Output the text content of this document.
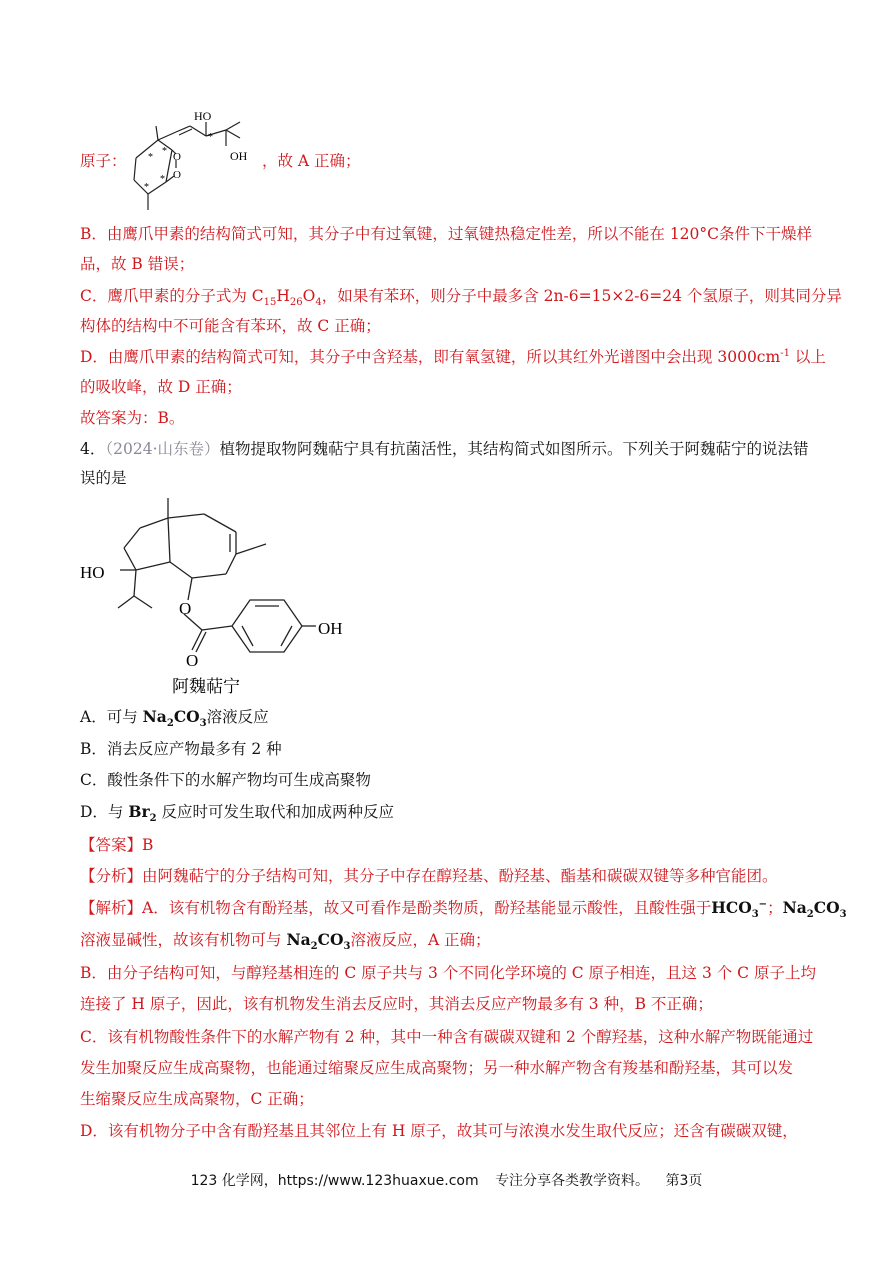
原子：
HO
OH
O
O
*
*
*
*
*
，故 A 正确；
B．由鹰爪甲素的结构简式可知，其分子中有过氧键，过氧键热稳定性差，所以不能在 120°C条件下干燥样
品，故 B 错误；
C．鹰爪甲素的分子式为 $C_{15}H_{26}O_4$，如果有苯环，则分子中最多含 2n-6=15×2-6=24 个氢原子，则其同分异
构体的结构中不可能含有苯环，故 C 正确；
D．由鹰爪甲素的结构简式可知，其分子中含羟基，即有氧氢键，所以其红外光谱图中会出现 $3000cm^{-1}$ 以上
的吸收峰，故 D 正确；
故答案为：B。
4．（2024·山东卷）植物提取物阿魏萜宁具有抗菌活性，其结构简式如图所示。下列关于阿魏萜宁的说法错
误的是
HO
OH
O
O
阿魏萜宁
A．可与 $Na_2CO_3$溶液反应
B．消去反应产物最多有 2 种
C．酸性条件下的水解产物均可生成高聚物
D．与 $Br_2$ 反应时可发生取代和加成两种反应
【答案】B
【分析】由阿魏萜宁的分子结构可知，其分子中存在醇羟基、酚羟基、酯基和碳碳双键等多种官能团。
【解析】A．该有机物含有酚羟基，故又可看作是酚类物质，酚羟基能显示酸性，且酸性强于$HCO_3^-$；$Na_2CO_3$
溶液显碱性，故该有机物可与 $Na_2CO_3$溶液反应，A 正确；
B．由分子结构可知，与醇羟基相连的 C 原子共与 3 个不同化学环境的 C 原子相连，且这 3 个 C 原子上均
连接了 H 原子，因此，该有机物发生消去反应时，其消去反应产物最多有 3 种，B 不正确；
C．该有机物酸性条件下的水解产物有 2 种，其中一种含有碳碳双键和 2 个醇羟基，这种水解产物既能通过
发生加聚反应生成高聚物，也能通过缩聚反应生成高聚物；另一种水解产物含有羧基和酚羟基，其可以发
生缩聚反应生成高聚物，C 正确；
D．该有机物分子中含有酚羟基且其邻位上有 H 原子，故其可与浓溴水发生取代反应；还含有碳碳双键，
123 化学网，https://www.123huaxue.com 专注分享各类教学资料。 第3页
